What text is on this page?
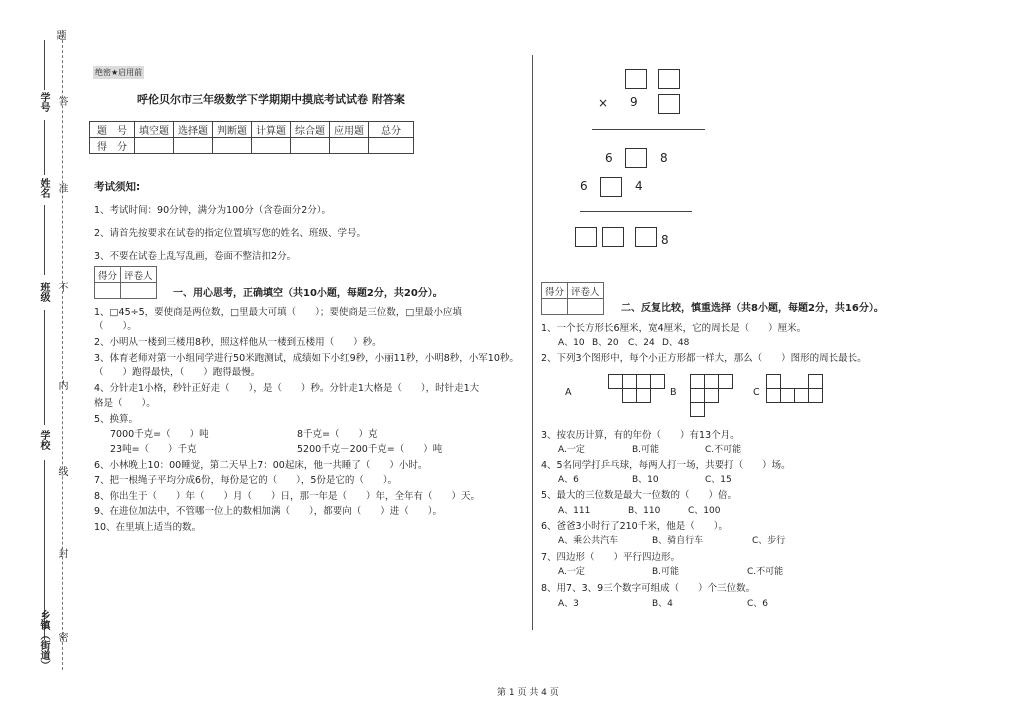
题
学号 答
姓名 准
班级 不
内
学校
线
封
乡镇（街道） 密
绝密★启用前
呼伦贝尔市三年级数学下学期期中摸底考试试卷 附答案
题　号	填空题	选择题	判断题	计算题	综合题	应用题	总分
得　分							
考试须知:
1、考试时间：90分钟，满分为100分（含卷面分2分）。
2、请首先按要求在试卷的指定位置填写您的姓名、班级、学号。
3、不要在试卷上乱写乱画，卷面不整洁扣2分。
得分	评卷人

一、用心思考，正确填空（共10小题，每题2分，共20分）。
1、□45÷5，要使商是两位数，□里最大可填（　　）；要使商是三位数，□里最小应填
（　　）。
2、小明从一楼到三楼用8秒，照这样他从一楼到五楼用（　　）秒。
3、体育老师对第一小组同学进行50米跑测试，成绩如下小红9秒，小丽11秒，小明8秒，小军10秒。
（　　）跑得最快，（　　）跑得最慢。
4、分针走1小格，秒针正好走（　　），是（　　）秒。分针走1大格是（　　），时针走1大
格是（　　）。
5、换算。
7000千克=（　　）吨	8千克=（　　）克
23吨=（　　）千克	5200千克－200千克=（　　）吨
6、小林晚上10：00睡觉，第二天早上7：00起床，他一共睡了（　　）小时。
7、把一根绳子平均分成6份，每份是它的（　　），5份是它的（　　）。
8、你出生于（　　）年（　　）月（　　）日，那一年是（　　）年，全年有（　　）天。
9、在进位加法中，不管哪一位上的数相加满（　　），都要向（　　）进（　　）。
10、在里填上适当的数。
× 9
6	8
6	4
8
得分	评卷人

二、反复比较，慎重选择（共8小题，每题2分，共16分）。
1、一个长方形长6厘米，宽4厘米，它的周长是（　　）厘米。
A、10 B、20 C、24 D、48
2、下列3个图形中，每个小正方形都一样大，那么（　　）图形的周长最长。
A	B	C
3、按农历计算，有的年份（　　）有13个月。
A.一定	B.可能	C.不可能
4、5名同学打乒乓球，每两人打一场，共要打（　　）场。
A、6	B、10	C、15
5、最大的三位数是最大一位数的（　　）倍。
A、111	B、110	C、100
6、爸爸3小时行了210千米，他是（　　）。
A、乘公共汽车	B、骑自行车	C、步行
7、四边形（　　）平行四边形。
A.一定	B.可能	C.不可能
8、用7、3、9三个数字可组成（　　）个三位数。
A、3	B、4	C、6
第 1 页 共 4 页
